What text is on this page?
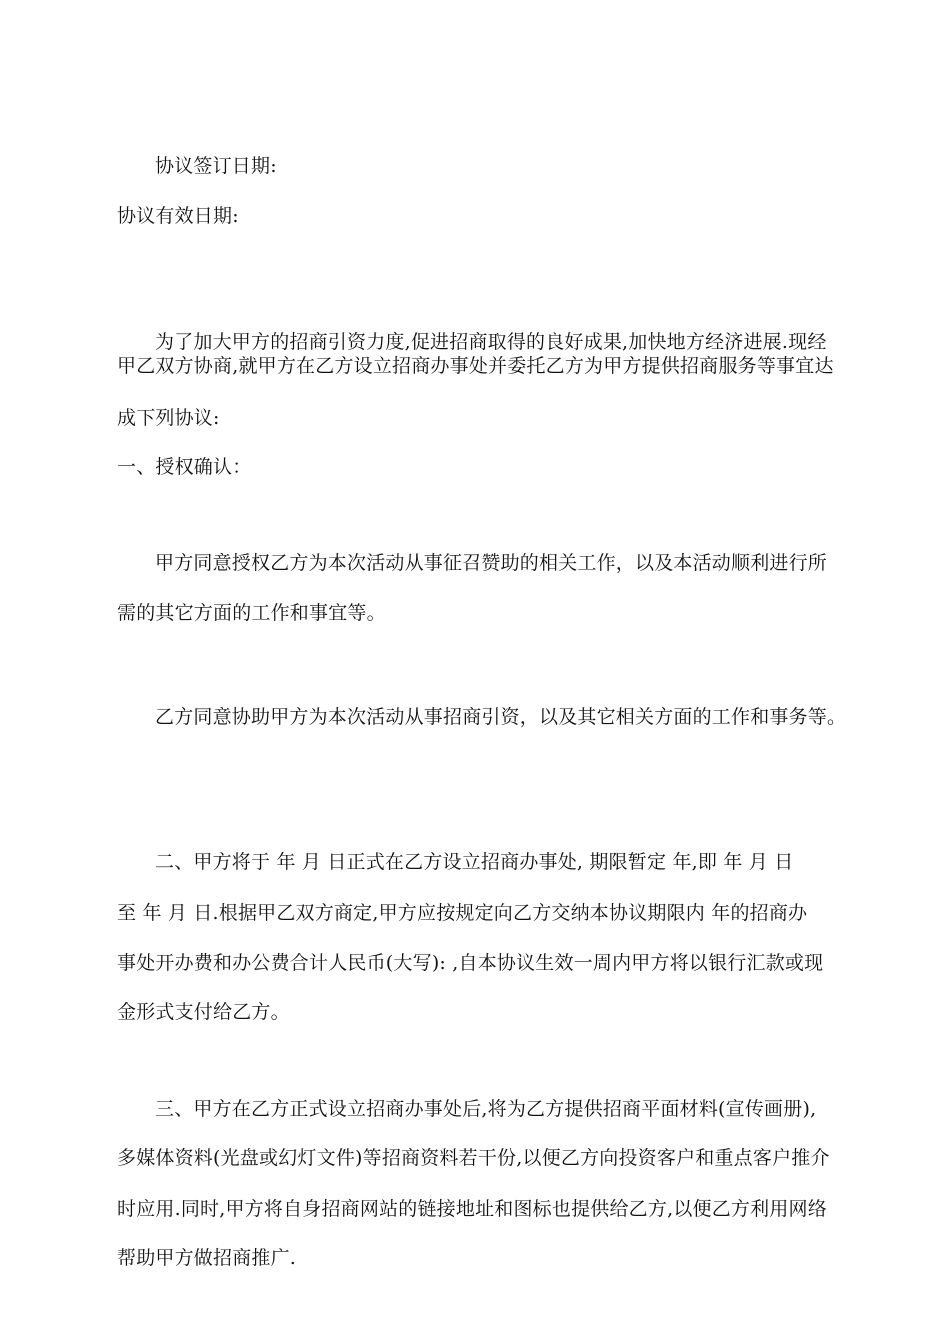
协议签订日期:
协议有效日期:
为了加大甲方的招商引资力度,促进招商取得的良好成果,加快地方经济进展.现经
甲乙双方协商,就甲方在乙方设立招商办事处并委托乙方为甲方提供招商服务等事宜达
成下列协议:
一、授权确认：
甲方同意授权乙方为本次活动从事征召赞助的相关工作，以及本活动顺利进行所
需的其它方面的工作和事宜等。
乙方同意协助甲方为本次活动从事招商引资，以及其它相关方面的工作和事务等。
二、甲方将于 年 月 日正式在乙方设立招商办事处, 期限暂定 年,即 年 月 日
至 年 月 日.根据甲乙双方商定,甲方应按规定向乙方交纳本协议期限内 年的招商办
事处开办费和办公费合计人民币(大写): ,自本协议生效一周内甲方将以银行汇款或现
金形式支付给乙方。
三、甲方在乙方正式设立招商办事处后,将为乙方提供招商平面材料(宣传画册),
多媒体资料(光盘或幻灯文件)等招商资料若干份,以便乙方向投资客户和重点客户推介
时应用.同时,甲方将自身招商网站的链接地址和图标也提供给乙方,以便乙方利用网络
帮助甲方做招商推广.
